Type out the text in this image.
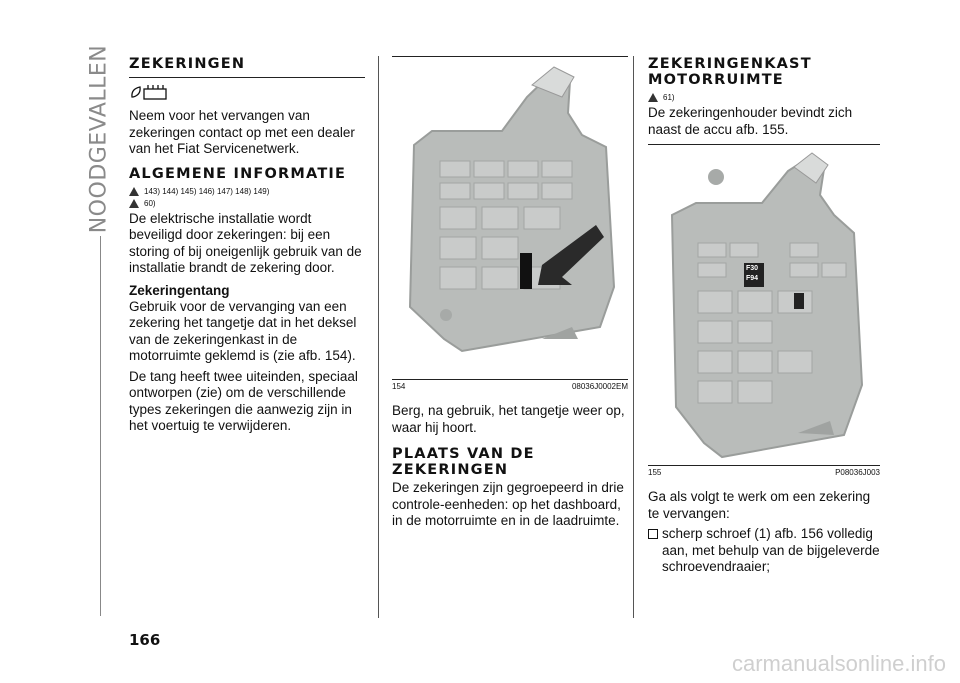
NOODGEVALLEN ZEKERINGEN

Neem voor het vervangen van zekeringen contact op met een dealer van het Fiat Servicenetwerk.

ALGEMENE INFORMATIE
143) 144) 145) 146) 147) 148) 149)
60)

De elektrische installatie wordt beveiligd door zekeringen: bij een storing of bij oneigenlijk gebruik van de installatie brandt de zekering door.

Zekeringentang

Gebruik voor de vervanging van een zekering het tangetje dat in het deksel van de zekeringenkast in de motorruimte geklemd is (zie afb. 154).

De tang heeft twee uiteinden, speciaal ontworpen (zie) om de verschillende types zekeringen die aanwezig zijn in het voertuig te verwijderen.

154	08036J0002EM

Berg, na gebruik, het tangetje weer op, waar hij hoort.

PLAATS VAN DE ZEKERINGEN

De zekeringen zijn gegroepeerd in drie controle-eenheden: op het dashboard, in de motorruimte en in de laadruimte.

ZEKERINGENKAST MOTORRUIMTE
61)

De zekeringenhouder bevindt zich naast de accu afb. 155.

F30
F94
155	P08036J003

Ga als volgt te werk om een zekering te vervangen:

scherp schroef (1) afb. 156 volledig aan, met behulp van de bijgeleverde schroevendraaier;

166
carmanualsonline.info
